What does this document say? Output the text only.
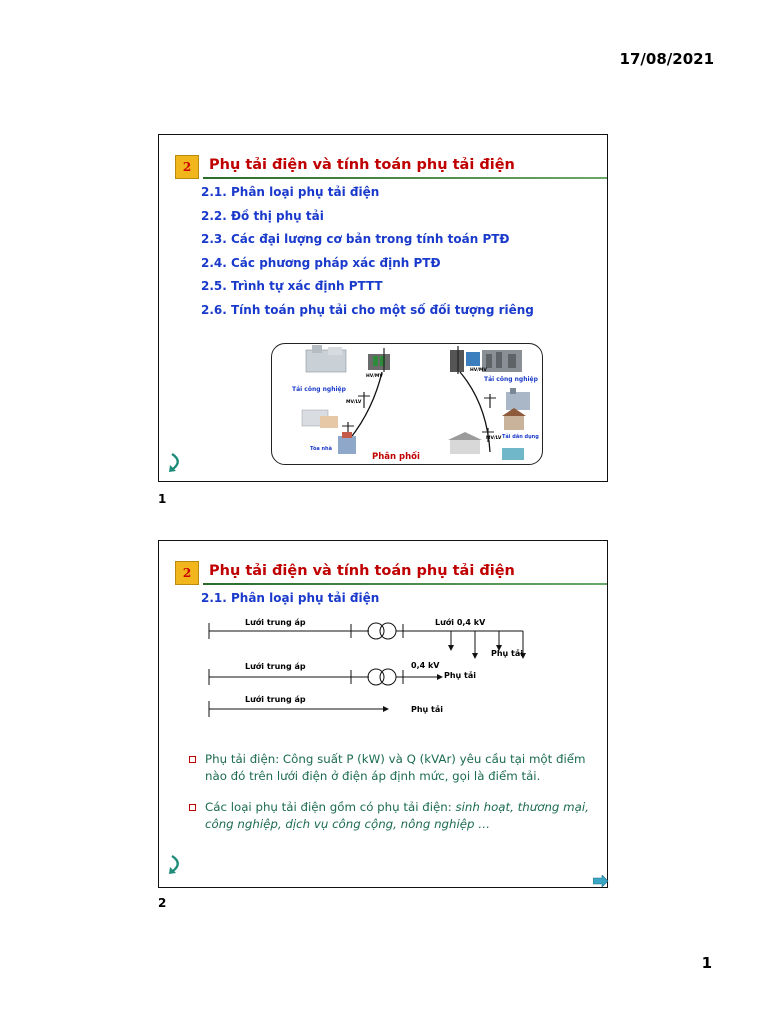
17/08/2021
1
2	Phụ tải điện và tính toán phụ tải điện
2.1. Phân loại phụ tải điện
2.2. Đồ thị phụ tải
2.3. Các đại lượng cơ bản trong tính toán PTĐ
2.4. Các phương pháp xác định PTĐ
2.5. Trình tự xác định PTTT
2.6. Tính toán phụ tải cho một số đối tượng riêng
Tải công nghiệp
HV/MV
MV/LV
Tòa nhà
Phân phối
HV/MV
Tải công nghiệp
MV/LV Tải dân dụng
1
2	Phụ tải điện và tính toán phụ tải điện
2.1. Phân loại phụ tải điện
Lưới trung áp	Lưới 0,4 kV
Phụ tải
Lưới trung áp	0,4 kV
Phụ tải
Lưới trung áp
Phụ tải
Phụ tải điện: Công suất P (kW) và Q (kVAr) yêu cầu tại một điểm nào đó trên lưới điện ở điện áp định mức, gọi là điểm tải.
Các loại phụ tải điện gồm có phụ tải điện: sinh hoạt, thương mại, công nghiệp, dịch vụ công cộng, nông nghiệp …
2
